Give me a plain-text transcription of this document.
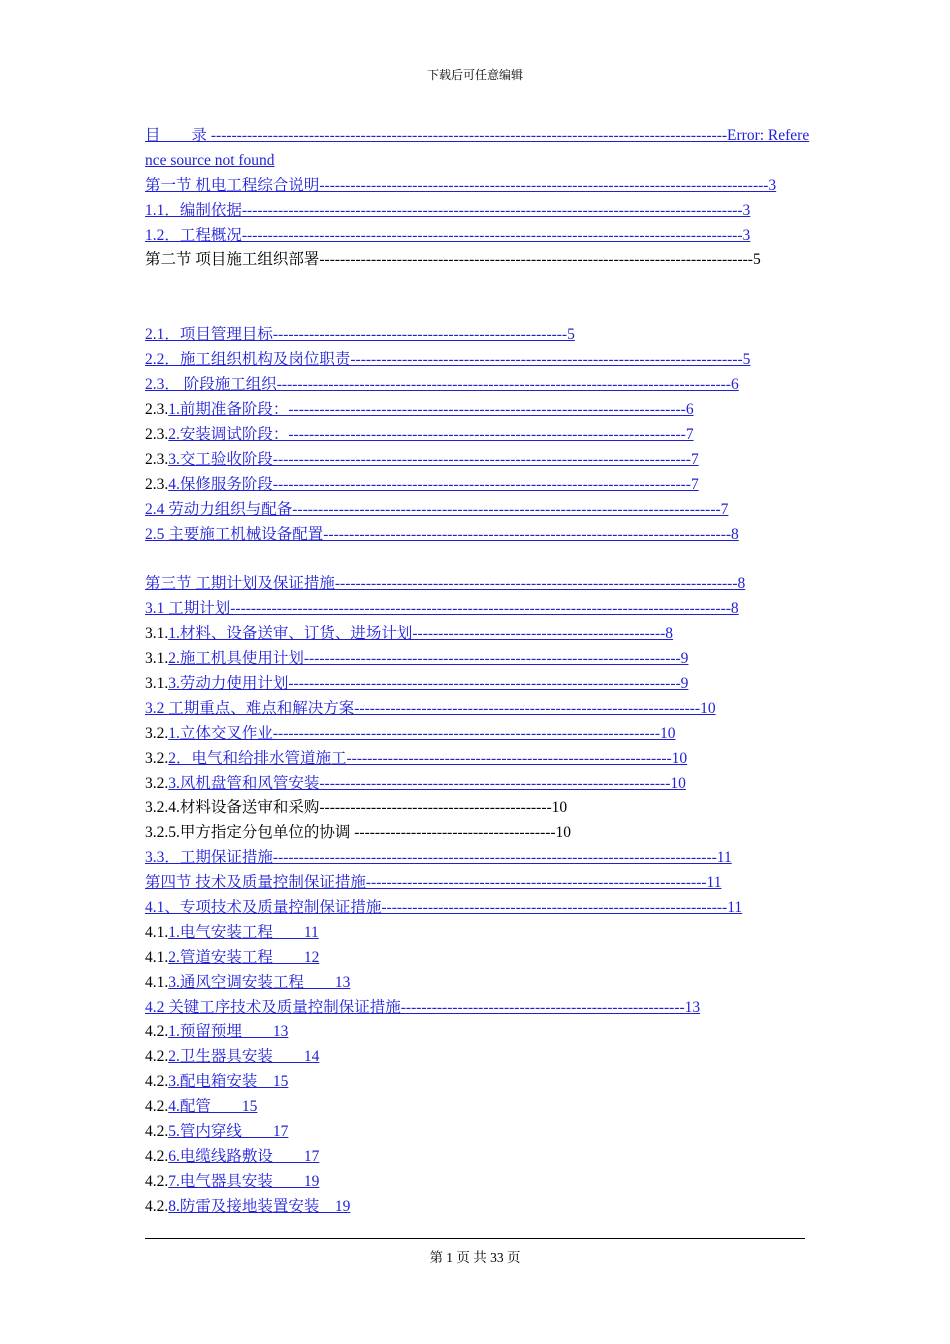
下载后可任意编辑
目　　录 ----------------------------------------------------------------------------------------------------Error: Reference source not found
第一节 机电工程综合说明---------------------------------------------------------------------------------------3
1.1．编制依据-------------------------------------------------------------------------------------------------3
1.2．工程概况-------------------------------------------------------------------------------------------------3
第二节 项目施工组织部署------------------------------------------------------------------------------------5
2.1．项目管理目标---------------------------------------------------------5
2.2．施工组织机构及岗位职责----------------------------------------------------------------------------5
2.3． 阶段施工组织----------------------------------------------------------------------------------------6
2.3.1.前期准备阶段：-----------------------------------------------------------------------------6
2.3.2.安装调试阶段：-----------------------------------------------------------------------------7
2.3.3.交工验收阶段---------------------------------------------------------------------------------7
2.3.4.保修服务阶段---------------------------------------------------------------------------------7
2.4 劳动力组织与配备-----------------------------------------------------------------------------------7
2.5 主要施工机械设备配置-------------------------------------------------------------------------------8
第三节 工期计划及保证措施------------------------------------------------------------------------------8
3.1 工期计划-------------------------------------------------------------------------------------------------8
3.1.1.材料、设备送审、订货、进场计划-------------------------------------------------8
3.1.2.施工机具使用计划-------------------------------------------------------------------------9
3.1.3.劳动力使用计划----------------------------------------------------------------------------9
3.2 工期重点、难点和解决方案-------------------------------------------------------------------10
3.2.1.立体交叉作业---------------------------------------------------------------------------10
3.2.2．电气和给排水管道施工---------------------------------------------------------------10
3.2.3.风机盘管和风管安装--------------------------------------------------------------------10
3.2.4.材料设备送审和采购---------------------------------------------10
3.2.5.甲方指定分包单位的协调 ---------------------------------------10
3.3．工期保证措施--------------------------------------------------------------------------------------11
第四节 技术及质量控制保证措施------------------------------------------------------------------11
4.1、专项技术及质量控制保证措施-------------------------------------------------------------------11
4.1.1.电气安装工程　　11
4.1.2.管道安装工程　　12
4.1.3.通风空调安装工程　　13
4.2 关键工序技术及质量控制保证措施-------------------------------------------------------13
4.2.1.预留预埋　　13
4.2.2.卫生器具安装　　14
4.2.3.配电箱安装　15
4.2.4.配管　　15
4.2.5.管内穿线　　17
4.2.6.电缆线路敷设　　17
4.2.7.电气器具安装　　19
4.2.8.防雷及接地装置安装　19
第 1 页 共 33 页
